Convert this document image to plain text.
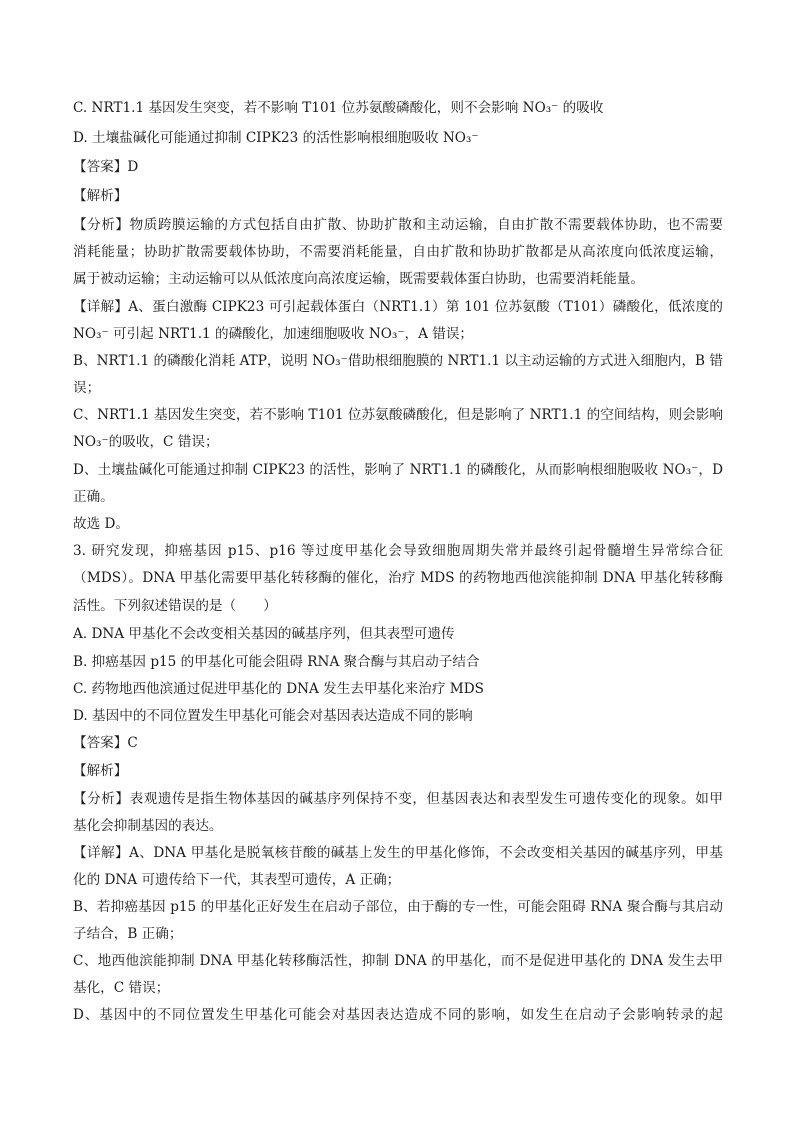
C. NRT1.1 基因发生突变，若不影响 T101 位苏氨酸磷酸化，则不会影响 NO₃⁻ 的吸收
D. 土壤盐碱化可能通过抑制 CIPK23 的活性影响根细胞吸收 NO₃⁻
【答案】D
【解析】
【分析】物质跨膜运输的方式包括自由扩散、协助扩散和主动运输，自由扩散不需要载体协助，也不需要
消耗能量；协助扩散需要载体协助，不需要消耗能量，自由扩散和协助扩散都是从高浓度向低浓度运输，
属于被动运输；主动运输可以从低浓度向高浓度运输，既需要载体蛋白协助，也需要消耗能量。
【详解】A、蛋白激酶 CIPK23 可引起载体蛋白（NRT1.1）第 101 位苏氨酸（T101）磷酸化，低浓度的
NO₃⁻ 可引起 NRT1.1 的磷酸化，加速细胞吸收 NO₃⁻，A 错误；
B、NRT1.1 的磷酸化消耗 ATP，说明 NO₃⁻借助根细胞膜的 NRT1.1 以主动运输的方式进入细胞内，B 错
误；
C、NRT1.1 基因发生突变，若不影响 T101 位苏氨酸磷酸化，但是影响了 NRT1.1 的空间结构，则会影响
NO₃⁻的吸收，C 错误；
D、土壤盐碱化可能通过抑制 CIPK23 的活性，影响了 NRT1.1 的磷酸化，从而影响根细胞吸收 NO₃⁻，D
正确。
故选 D。
3. 研究发现，抑癌基因 p15、p16 等过度甲基化会导致细胞周期失常并最终引起骨髓增生异常综合征
（MDS）。DNA 甲基化需要甲基化转移酶的催化，治疗 MDS 的药物地西他滨能抑制 DNA 甲基化转移酶
活性。下列叙述错误的是（　　）
A. DNA 甲基化不会改变相关基因的碱基序列，但其表型可遗传
B. 抑癌基因 p15 的甲基化可能会阻碍 RNA 聚合酶与其启动子结合
C. 药物地西他滨通过促进甲基化的 DNA 发生去甲基化来治疗 MDS
D. 基因中的不同位置发生甲基化可能会对基因表达造成不同的影响
【答案】C
【解析】
【分析】表观遗传是指生物体基因的碱基序列保持不变，但基因表达和表型发生可遗传变化的现象。如甲
基化会抑制基因的表达。
【详解】A、DNA 甲基化是脱氧核苷酸的碱基上发生的甲基化修饰，不会改变相关基因的碱基序列，甲基
化的 DNA 可遗传给下一代，其表型可遗传，A 正确；
B、若抑癌基因 p15 的甲基化正好发生在启动子部位，由于酶的专一性，可能会阻碍 RNA 聚合酶与其启动
子结合，B 正确；
C、地西他滨能抑制 DNA 甲基化转移酶活性，抑制 DNA 的甲基化，而不是促进甲基化的 DNA 发生去甲
基化，C 错误；
D、基因中的不同位置发生甲基化可能会对基因表达造成不同的影响，如发生在启动子会影响转录的起
